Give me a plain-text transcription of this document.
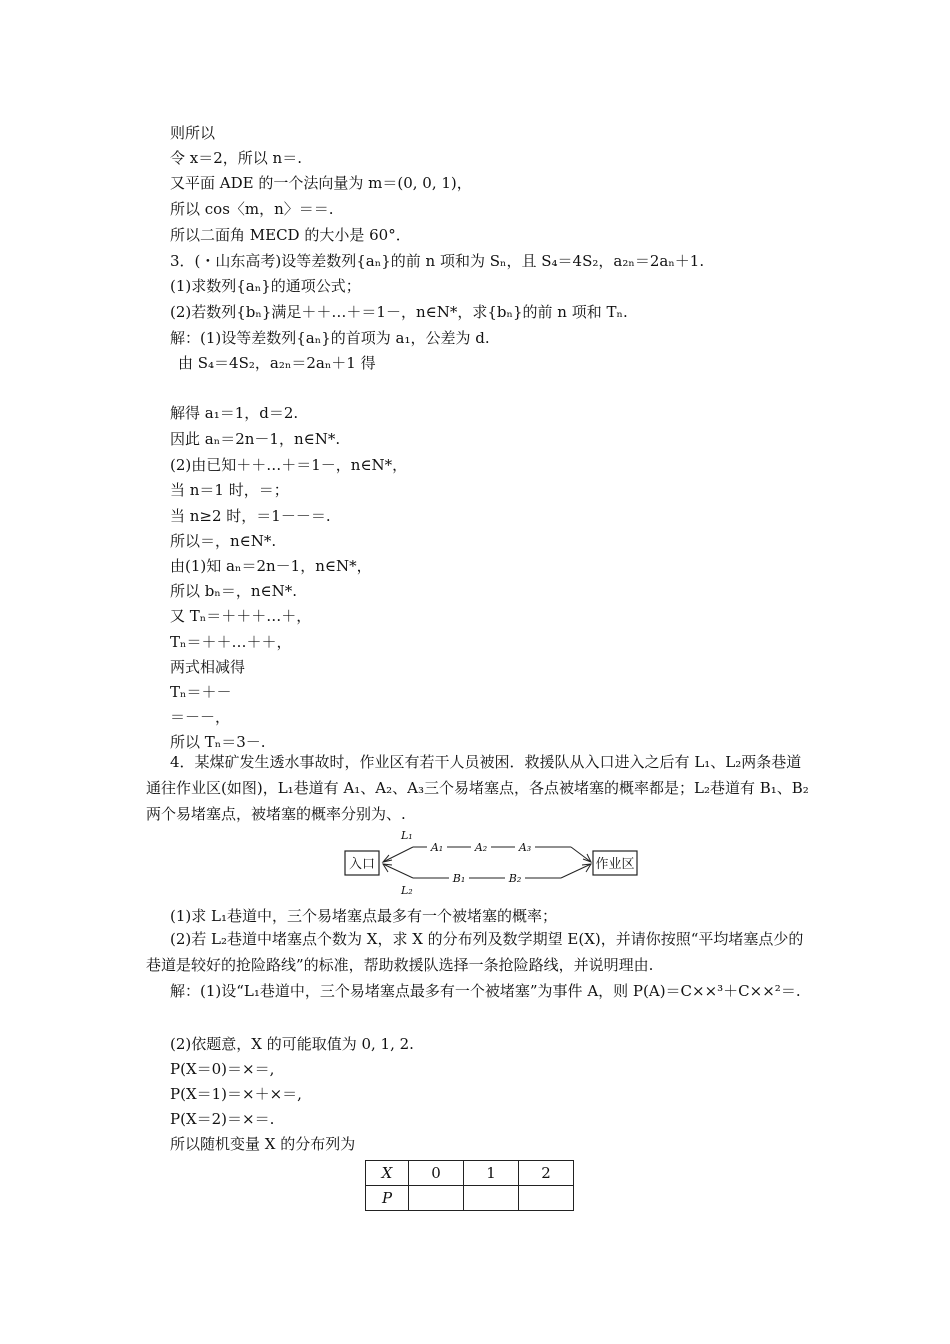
则所以
令 x＝2，所以 n＝.
又平面 ADE 的一个法向量为 m＝(0, 0, 1)，
所以 cos〈m，n〉＝＝.
所以二面角 MECD 的大小是 60°．
3．(・山东高考)设等差数列{aₙ}的前 n 项和为 Sₙ，且 S₄＝4S₂，a₂ₙ＝2aₙ＋1.
(1)求数列{aₙ}的通项公式；
(2)若数列{bₙ}满足＋＋…＋＝1－，n∈N*，求{bₙ}的前 n 项和 Tₙ.
解：(1)设等差数列{aₙ}的首项为 a₁，公差为 d.
由 S₄＝4S₂，a₂ₙ＝2aₙ＋1 得
解得 a₁＝1，d＝2.
因此 aₙ＝2n－1，n∈N*.
(2)由已知＋＋…＋＝1－，n∈N*，
当 n＝1 时，＝；
当 n≥2 时，＝1－－＝.
所以＝，n∈N*.
由(1)知 aₙ＝2n－1，n∈N*，
所以 bₙ＝，n∈N*.
又 Tₙ＝＋＋＋…＋，
Tₙ＝＋＋…＋＋，
两式相减得
Tₙ＝＋－
＝－－，
所以 Tₙ＝3－.
4．某煤矿发生透水事故时，作业区有若干人员被困．救援队从入口进入之后有 L₁、L₂两条巷道通往作业区(如图)，L₁巷道有 A₁、A₂、A₃三个易堵塞点，各点被堵塞的概率都是；L₂巷道有 B₁、B₂两个易堵塞点，被堵塞的概率分别为、.
入口	作业区
L₁
L₂
A₁	A₂	A₃
B₁	B₂
(1)求 L₁巷道中，三个易堵塞点最多有一个被堵塞的概率；
(2)若 L₂巷道中堵塞点个数为 X，求 X 的分布列及数学期望 E(X)，并请你按照“平均堵塞点少的巷道是较好的抢险路线”的标准，帮助救援队选择一条抢险路线，并说明理由.
解：(1)设“L₁巷道中，三个易堵塞点最多有一个被堵塞”为事件 A，则 P(A)＝C××³＋C××²＝.
(2)依题意，X 的可能取值为 0, 1, 2.
P(X＝0)＝×＝,
P(X＝1)＝×＋×＝,
P(X＝2)＝×＝.
所以随机变量 X 的分布列为
X	0	1	2
P			
